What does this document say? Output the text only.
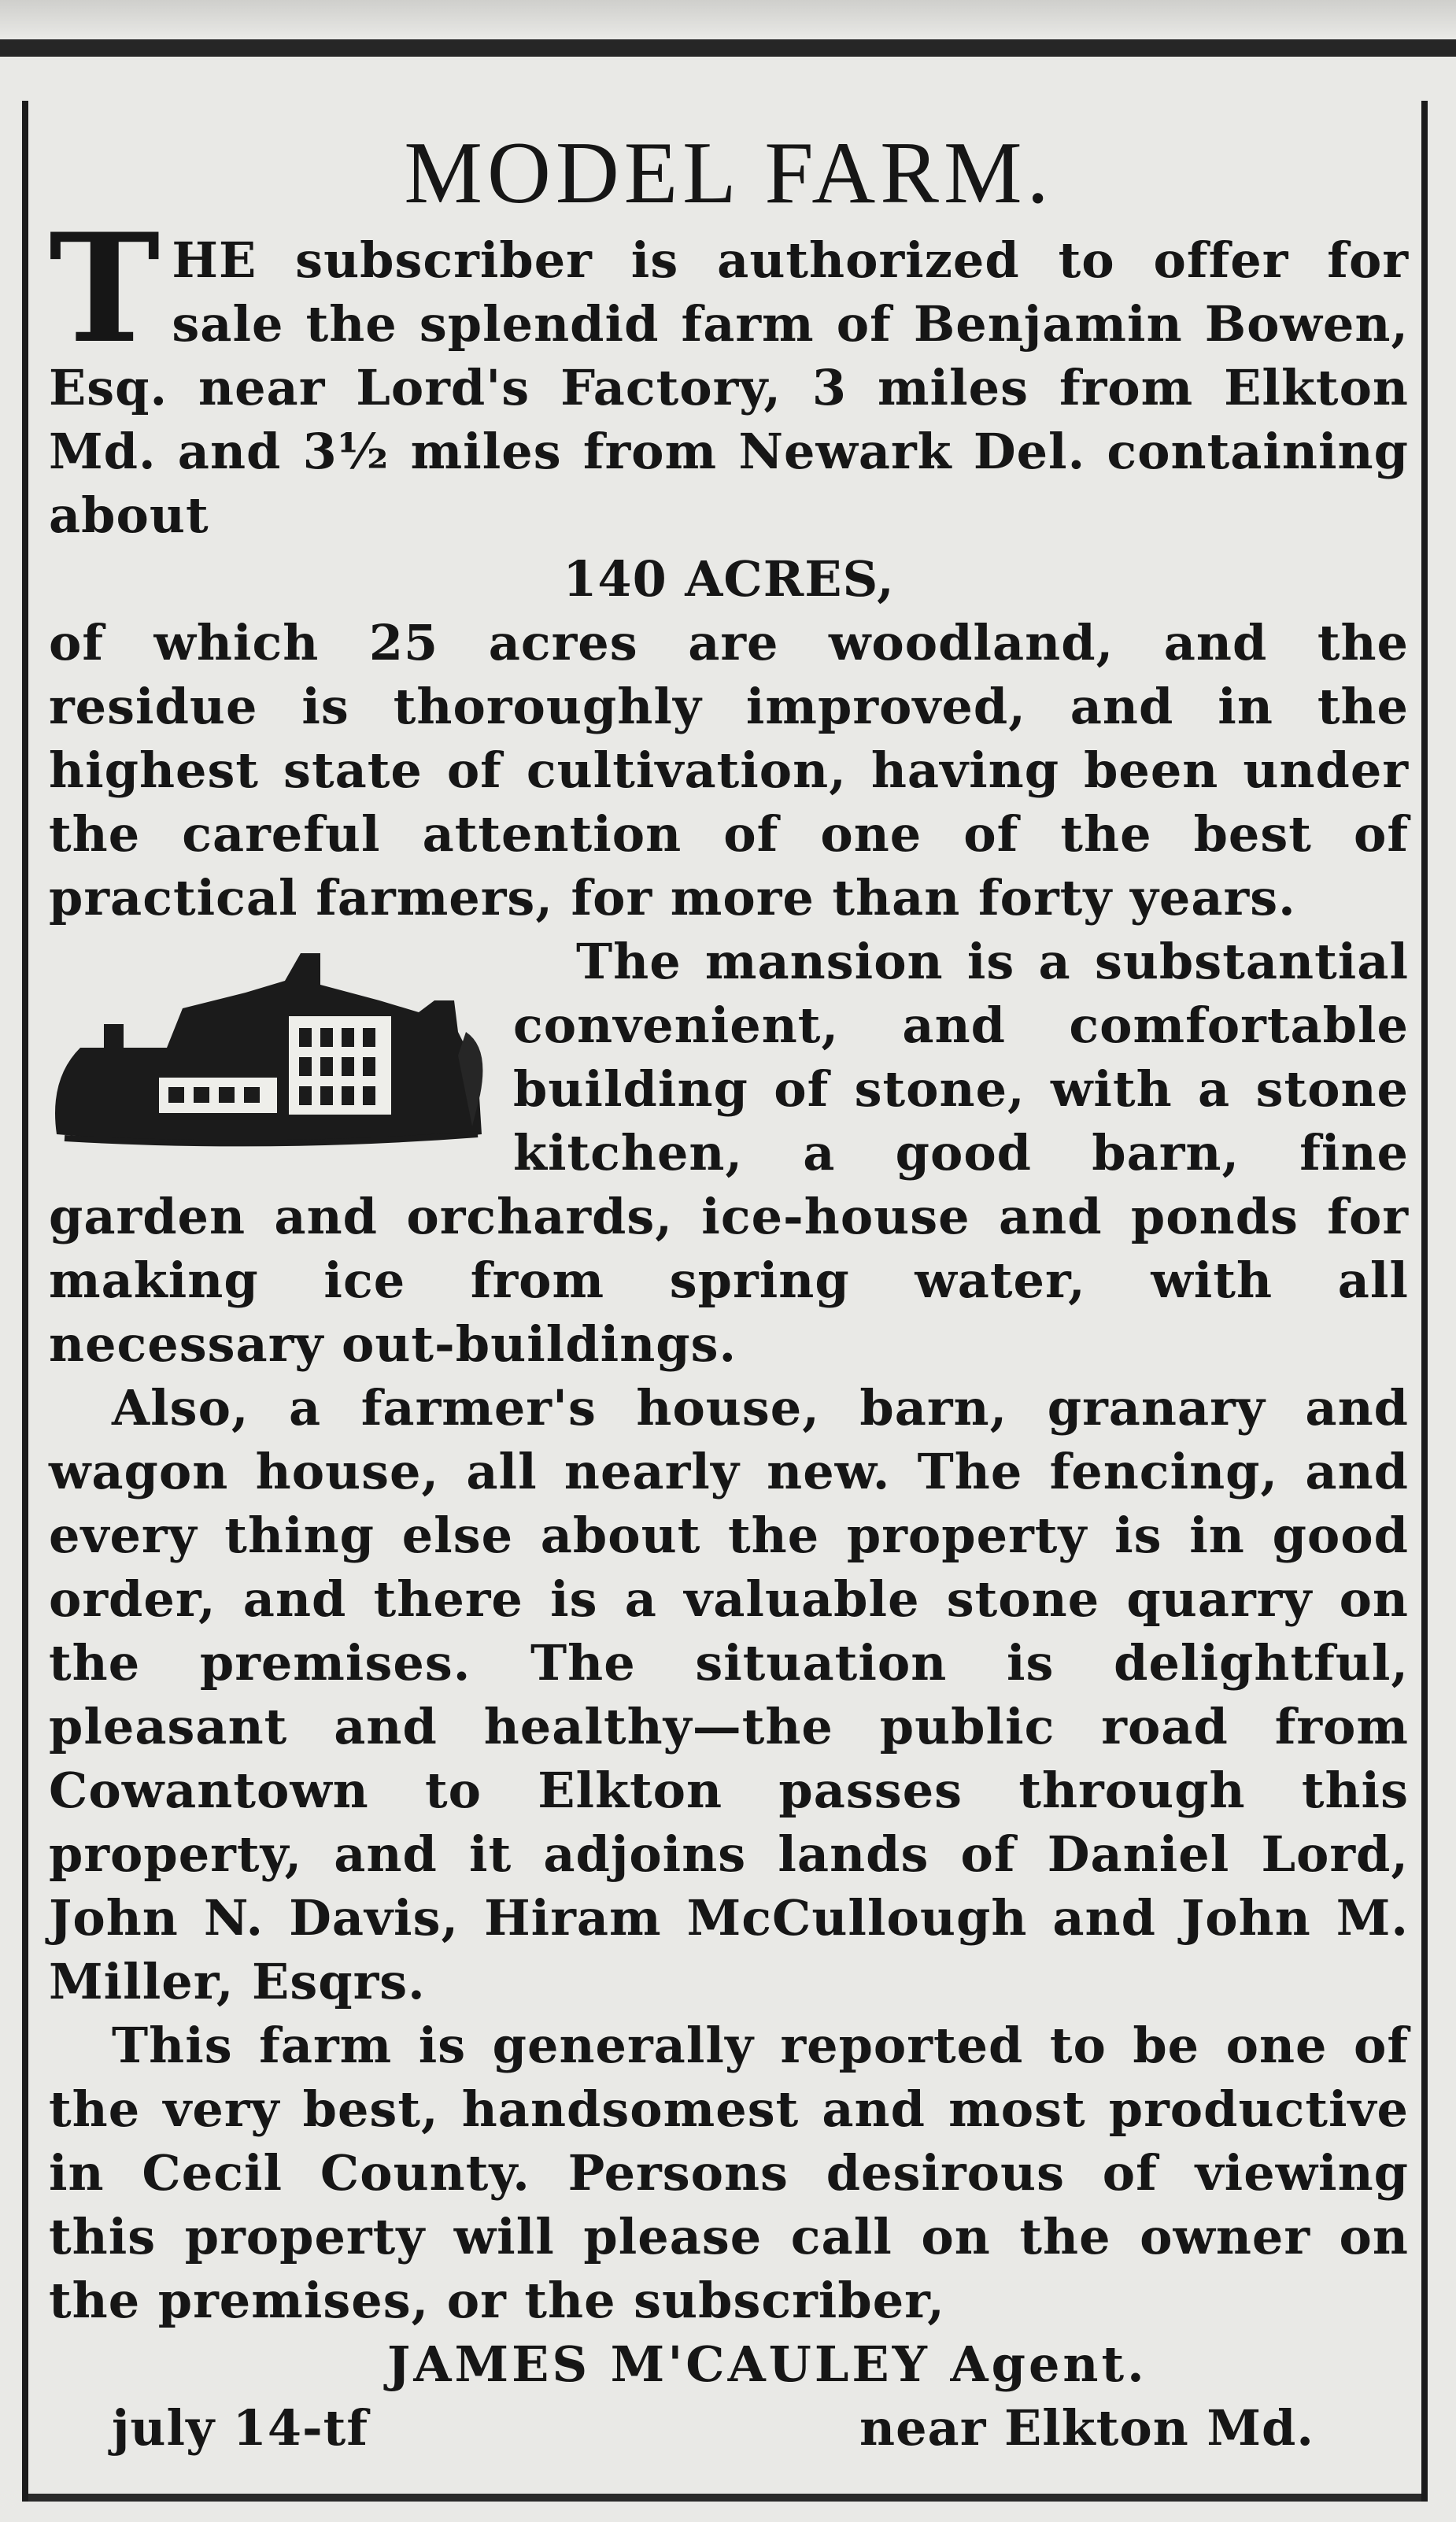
MODEL FARM.

THE subscriber is authorized to offer for sale the splendid farm of Benjamin Bowen, Esq. near Lord's Factory, 3 miles from Elkton Md. and 3½ miles from Newark Del. containing about

140 ACRES,

of which 25 acres are woodland, and the residue is thoroughly improved, and in the highest state of cultivation, having been under the careful attention of one of the best of practical farmers, for more than forty years.

The mansion is a substantial convenient, and comfortable building of stone, with a stone kitchen, a good barn, fine garden and orchards, ice-house and ponds for making ice from spring water, with all necessary out-buildings.

Also, a farmer's house, barn, granary and wagon house, all nearly new. The fencing, and every thing else about the property is in good order, and there is a valuable stone quarry on the premises. The situation is delightful, pleasant and healthy—the public road from Cowantown to Elkton passes through this property, and it adjoins lands of Daniel Lord, John N. Davis, Hiram McCullough and John M. Miller, Esqrs.

This farm is generally reported to be one of the very best, handsomest and most productive in Cecil County. Persons desirous of viewing this property will please call on the owner on the premises, or the subscriber,

JAMES M'CAULEY Agent.

july 14-tf	near Elkton Md.
